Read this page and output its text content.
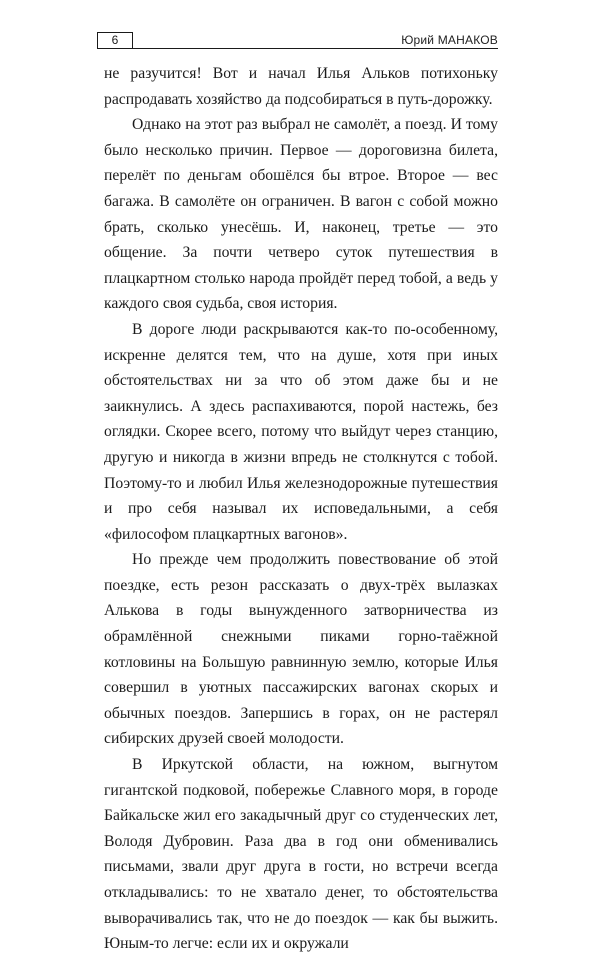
6	Юрий МАНАКОВ

не разучится! Вот и начал Илья Альков потихоньку распродавать хозяйство да подсобираться в путь-дорожку.

Однако на этот раз выбрал не самолёт, а поезд. И тому было несколько причин. Первое — дороговизна билета, перелёт по деньгам обошёлся бы втрое. Второе — вес багажа. В самолёте он ограничен. В вагон с собой можно брать, сколько унесёшь. И, наконец, третье — это общение. За почти четверо суток путешествия в плацкартном столько народа пройдёт перед тобой, а ведь у каждого своя судьба, своя история.

В дороге люди раскрываются как-то по-особенному, искренне делятся тем, что на душе, хотя при иных обстоятельствах ни за что об этом даже бы и не заикнулись. А здесь распахиваются, порой настежь, без оглядки. Скорее всего, потому что выйдут через станцию, другую и никогда в жизни впредь не столкнутся с тобой. Поэтому-то и любил Илья железнодорожные путешествия и про себя называл их исповедальными, а себя «философом плацкартных вагонов».

Но прежде чем продолжить повествование об этой поездке, есть резон рассказать о двух-трёх вылазках Алькова в годы вынужденного затворничества из обрамлённой снежными пиками горно-таёжной котловины на Большую равнинную землю, которые Илья совершил в уютных пассажирских вагонах скорых и обычных поездов. Запершись в горах, он не растерял сибирских друзей своей молодости.

В Иркутской области, на южном, выгнутом гигантской подковой, побережье Славного моря, в городе Байкальске жил его закадычный друг со студенческих лет, Володя Дубровин. Раза два в год они обменивались письмами, звали друг друга в гости, но встречи всегда откладывались: то не хватало денег, то обстоятельства выворачивались так, что не до поездок — как бы выжить. Юным-то легче: если их и окружали
